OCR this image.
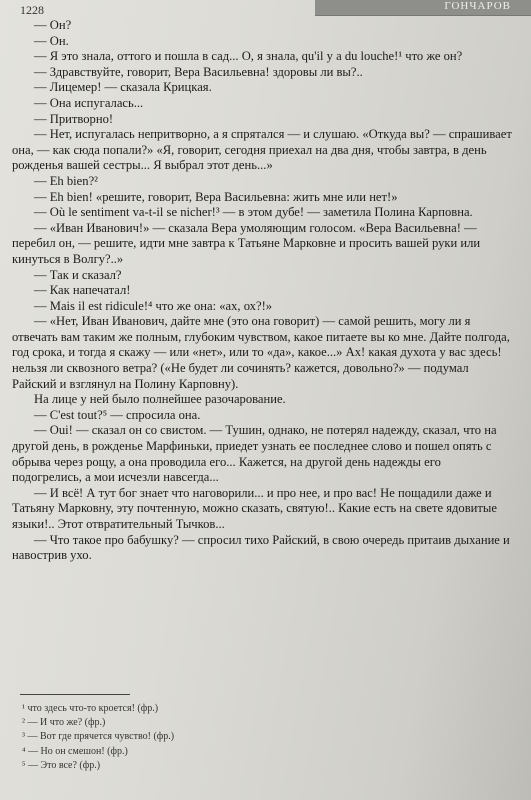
1228	ГОНЧАРОВ

— Он?

— Он.

— Я это знала, оттого и пошла в сад... О, я знала, qu'il y a du louche!¹ что же он?

— Здравствуйте, говорит, Вера Васильевна! здоровы ли вы?..

— Лицемер! — сказала Крицкая.

— Она испугалась...

— Притворно!

— Нет, испугалась непритворно, а я спрятался — и слушаю. «Откуда вы? — спрашивает она, — как сюда попали?» «Я, говорит, сегодня приехал на два дня, чтобы завтра, в день рожденья вашей сестры... Я выбрал этот день...»

— Eh bien?²

— Eh bien! «решите, говорит, Вера Васильевна: жить мне или нет!»

— Où le sentiment va-t-il se nicher!³ — в этом дубе! — заметила Полина Карповна.

— «Иван Иванович!» — сказала Вера умоляющим голосом. «Вера Васильевна! — перебил он, — решите, идти мне завтра к Татьяне Марковне и просить вашей руки или кинуться в Волгу?..»

— Так и сказал?

— Как напечатал!

— Mais il est ridicule!⁴ что же она: «ах, ох?!»

— «Нет, Иван Иванович, дайте мне (это она говорит) — самой решить, могу ли я отвечать вам таким же полным, глубоким чувством, какое питаете вы ко мне. Дайте полгода, год срока, и тогда я скажу — или «нет», или то «да», какое...» Ах! какая духота у вас здесь! нельзя ли сквозного ветра? («Не будет ли сочинять? кажется, довольно?» — подумал Райский и взглянул на Полину Карповну).

На лице у ней было полнейшее разочарование.

— C'est tout?⁵ — спросила она.

— Oui! — сказал он со свистом. — Тушин, однако, не потерял надежду, сказал, что на другой день, в рожденье Марфиньки, приедет узнать ее последнее слово и пошел опять с обрыва через рощу, а она проводила его... Кажется, на другой день надежды его подогрелись, а мои исчезли навсегда...

— И всё! А тут бог знает что наговорили... и про нее, и про вас! Не пощадили даже и Татьяну Марковну, эту почтенную, можно сказать, святую!.. Какие есть на свете ядовитые языки!.. Этот отвратительный Тычков...

— Что такое про бабушку? — спросил тихо Райский, в свою очередь притаив дыхание и навострив ухо.

¹ что здесь что-то кроется! (фр.)

² — И что же? (фр.)

³ — Вот где прячется чувство! (фр.)

⁴ — Но он смешон! (фр.)

⁵ — Это все? (фр.)
